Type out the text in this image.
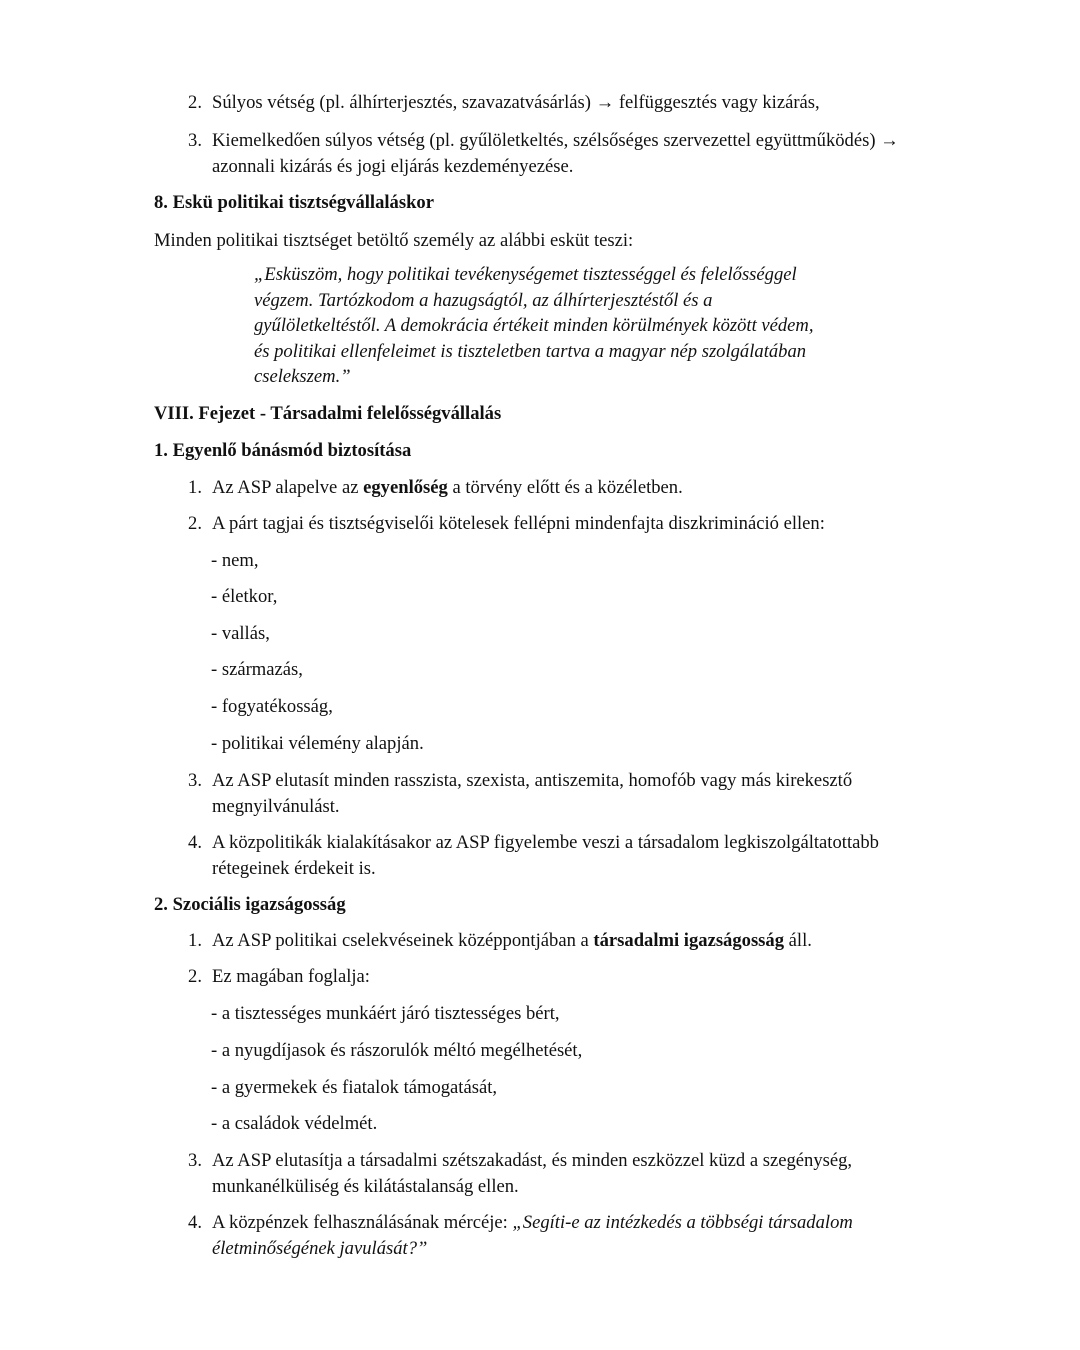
2. Súlyos vétség (pl. álhírterjesztés, szavazatvásárlás) → felfüggesztés vagy kizárás,
3. Kiemelkedően súlyos vétség (pl. gyűlöletkeltés, szélsőséges szervezettel együttműködés) →
azonnali kizárás és jogi eljárás kezdeményezése.
8. Eskü politikai tisztségvállaláskor
Minden politikai tisztséget betöltő személy az alábbi esküt teszi:
„Esküszöm, hogy politikai tevékenységemet tisztességgel és felelősséggel
végzem. Tartózkodom a hazugságtól, az álhírterjesztéstől és a
gyűlöletkeltéstől. A demokrácia értékeit minden körülmények között védem,
és politikai ellenfeleimet is tiszteletben tartva a magyar nép szolgálatában
cselekszem.”
VIII. Fejezet - Társadalmi felelősségvállalás
1. Egyenlő bánásmód biztosítása
1. Az ASP alapelve az egyenlőség a törvény előtt és a közéletben.
2. A párt tagjai és tisztségviselői kötelesek fellépni mindenfajta diszkrimináció ellen:
- nem,
- életkor,
- vallás,
- származás,
- fogyatékosság,
- politikai vélemény alapján.
3. Az ASP elutasít minden rasszista, szexista, antiszemita, homofób vagy más kirekesztő
megnyilvánulást.
4. A közpolitikák kialakításakor az ASP figyelembe veszi a társadalom legkiszolgáltatottabb
rétegeinek érdekeit is.
2. Szociális igazságosság
1. Az ASP politikai cselekvéseinek középpontjában a társadalmi igazságosság áll.
2. Ez magában foglalja:
- a tisztességes munkáért járó tisztességes bért,
- a nyugdíjasok és rászorulók méltó megélhetését,
- a gyermekek és fiatalok támogatását,
- a családok védelmét.
3. Az ASP elutasítja a társadalmi szétszakadást, és minden eszközzel küzd a szegénység,
munkanélküliség és kilátástalanság ellen.
4. A közpénzek felhasználásának mércéje: „Segíti-e az intézkedés a többségi társadalom
életminőségének javulását?”
